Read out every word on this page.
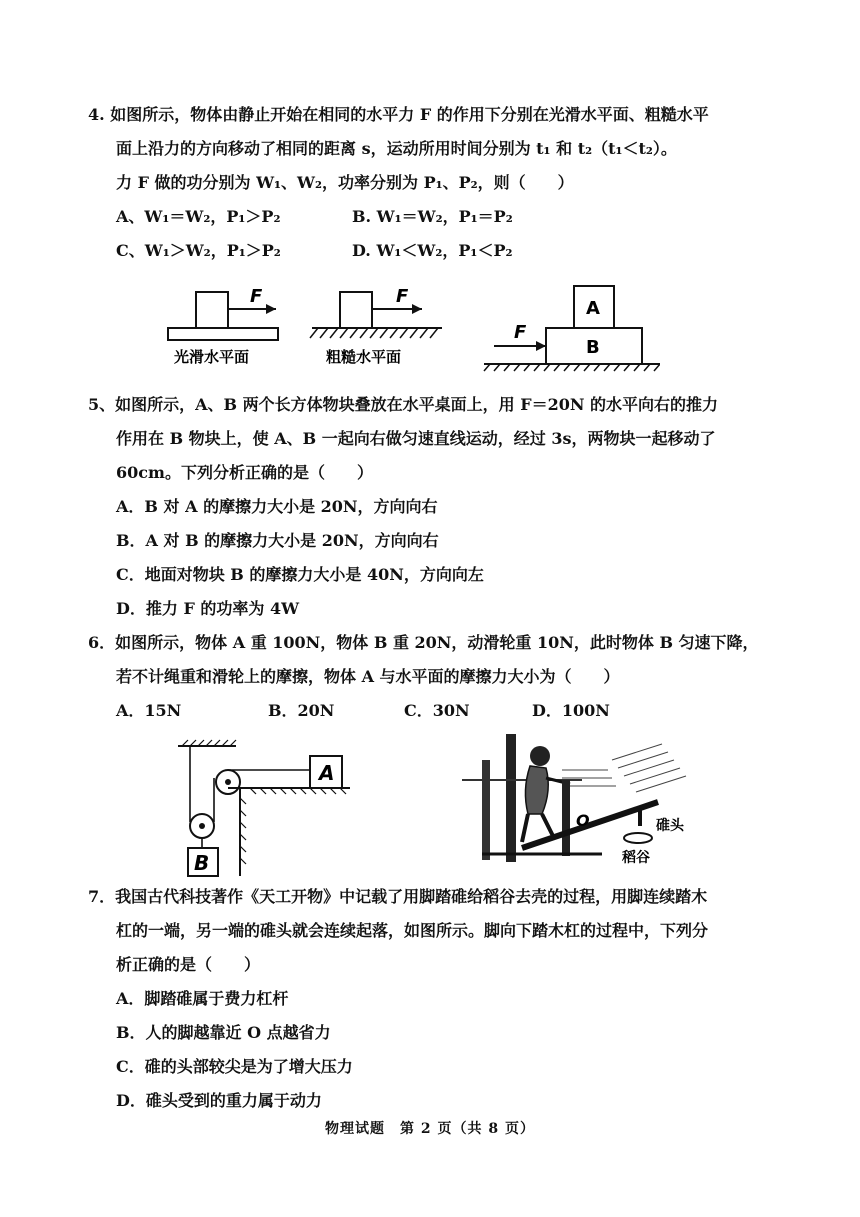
4. 如图所示，物体由静止开始在相同的水平力 F 的作用下分别在光滑水平面、粗糙水平
面上沿力的方向移动了相同的距离 s，运动所用时间分别为 t₁ 和 t₂（t₁＜t₂）。
力 F 做的功分别为 W₁、W₂，功率分别为 P₁、P₂，则（　　）
A、W₁＝W₂，P₁＞P₂	B. W₁＝W₂，P₁＝P₂
C、W₁＞W₂，P₁＞P₂	D. W₁＜W₂，P₁＜P₂
F
光滑水平面
F
粗糙水平面
A
B
F
5、如图所示，A、B 两个长方体物块叠放在水平桌面上，用 F＝20N 的水平向右的推力
作用在 B 物块上，使 A、B 一起向右做匀速直线运动，经过 3s，两物块一起移动了
60cm。下列分析正确的是（　　）
A．B 对 A 的摩擦力大小是 20N，方向向右
B．A 对 B 的摩擦力大小是 20N，方向向右
C．地面对物块 B 的摩擦力大小是 40N，方向向左
D．推力 F 的功率为 4W
6．如图所示，物体 A 重 100N，物体 B 重 20N，动滑轮重 10N，此时物体 B 匀速下降，
若不计绳重和滑轮上的摩擦，物体 A 与水平面的摩擦力大小为（　　）
A．15N	B．20N	C．30N	D．100N
A
B
O	碓头
稻谷
7．我国古代科技著作《天工开物》中记载了用脚踏碓给稻谷去壳的过程，用脚连续踏木
杠的一端，另一端的碓头就会连续起落，如图所示。脚向下踏木杠的过程中，下列分
析正确的是（　　）
A．脚踏碓属于费力杠杆
B．人的脚越靠近 O 点越省力
C．碓的头部较尖是为了增大压力
D．碓头受到的重力属于动力
物理试题　第 2 页（共 8 页）
